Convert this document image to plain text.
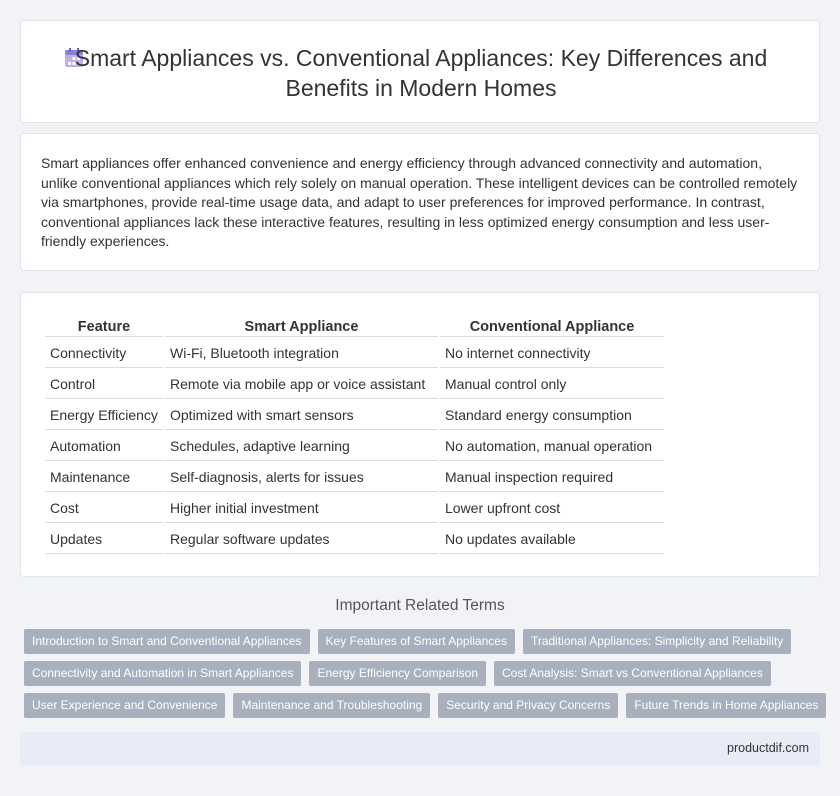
Smart Appliances vs. Conventional Appliances: Key Differences and Benefits in Modern Homes

Smart appliances offer enhanced convenience and energy efficiency through advanced connectivity and automation, unlike conventional appliances which rely solely on manual operation. These intelligent devices can be controlled remotely via smartphones, provide real-time usage data, and adapt to user preferences for improved performance. In contrast, conventional appliances lack these interactive features, resulting in less optimized energy consumption and less user-friendly experiences.

Feature	Smart Appliance	Conventional Appliance
Connectivity	Wi-Fi, Bluetooth integration	No internet connectivity
Control	Remote via mobile app or voice assistant	Manual control only
Energy Efficiency	Optimized with smart sensors	Standard energy consumption
Automation	Schedules, adaptive learning	No automation, manual operation
Maintenance	Self-diagnosis, alerts for issues	Manual inspection required
Cost	Higher initial investment	Lower upfront cost
Updates	Regular software updates	No updates available
Important Related Terms
Introduction to Smart and Conventional Appliances	Key Features of Smart Appliances	Traditional Appliances: Simplicity and Reliability
Connectivity and Automation in Smart Appliances	Energy Efficiency Comparison	Cost Analysis: Smart vs Conventional Appliances
User Experience and Convenience	Maintenance and Troubleshooting	Security and Privacy Concerns	Future Trends in Home Appliances
productdif.com
